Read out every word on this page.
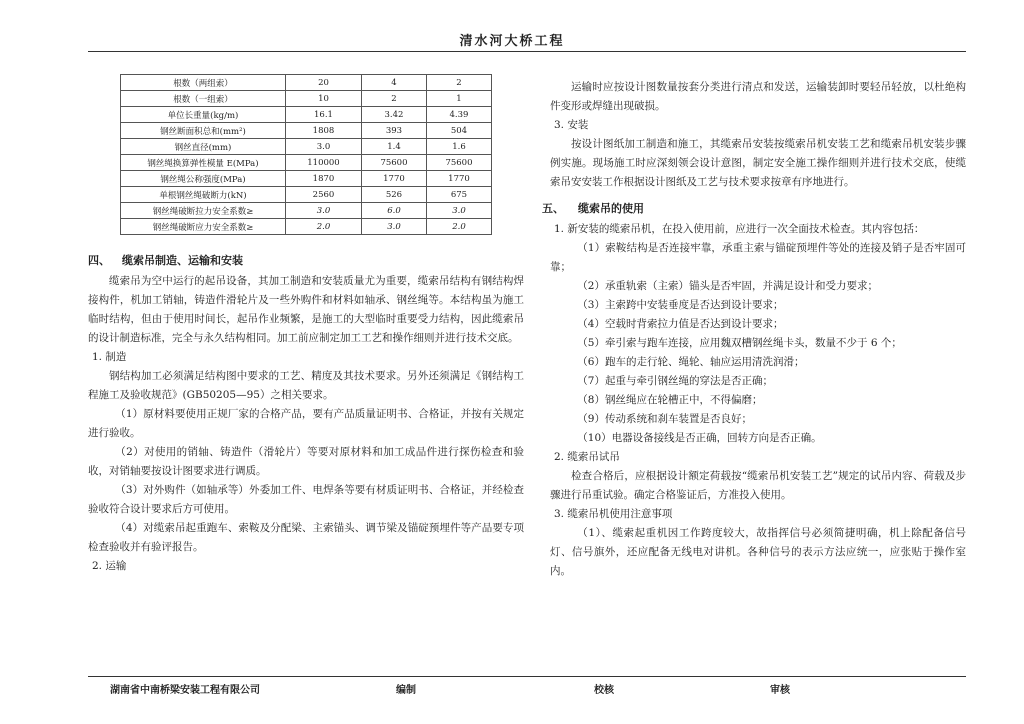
清水河大桥工程
根数（两组索）	20	4	2
根数（一组索）	10	2	1
单位长重量(kg/m)	16.1	3.42	4.39
钢丝断面积总和(mm²)	1808	393	504
钢丝直径(mm)	3.0	1.4	1.6
钢丝绳换算弹性模量 E(MPa)	110000	75600	75600
钢丝绳公称强度(MPa)	1870	1770	1770
单根钢丝绳破断力(kN)	2560	526	675
钢丝绳破断拉力安全系数≥	3.0	6.0	3.0
钢丝绳破断应力安全系数≥	2.0	3.0	2.0

四、 缆索吊制造、运输和安装

缆索吊为空中运行的起吊设备，其加工制造和安装质量尤为重要，缆索吊结构有钢结构焊接构件，机加工销轴，铸造件滑轮片及一些外购件和材料如轴承、钢丝绳等。本结构虽为施工临时结构，但由于使用时间长，起吊作业频繁，是施工的大型临时重要受力结构，因此缆索吊的设计制造标准，完全与永久结构相同。加工前应制定加工工艺和操作细则并进行技术交底。

1. 制造

钢结构加工必须满足结构图中要求的工艺、精度及其技术要求。另外还须满足《钢结构工程施工及验收规范》(GB50205—95）之相关要求。

（1）原材料要使用正规厂家的合格产品，要有产品质量证明书、合格证，并按有关规定进行验收。

（2）对使用的销轴、铸造件（滑轮片）等要对原材料和加工成品件进行探伤检查和验收，对销轴要按设计图要求进行调质。

（3）对外购件（如轴承等）外委加工件、电焊条等要有材质证明书、合格证，并经检查验收符合设计要求后方可使用。

（4）对缆索吊起重跑车、索鞍及分配梁、主索锚头、调节梁及锚碇预埋件等产品要专项检查验收并有验评报告。

2. 运输

运输时应按设计图数量按套分类进行清点和发送，运输装卸时要轻吊轻放，以杜绝构件变形或焊缝出现破损。

3. 安装

按设计图纸加工制造和施工，其缆索吊安装按缆索吊机安装工艺和缆索吊机安装步骤例实施。现场施工时应深刻领会设计意图，制定安全施工操作细则并进行技术交底，使缆索吊安安装工作根据设计图纸及工艺与技术要求按章有序地进行。

五、 缆索吊的使用

1. 新安装的缆索吊机，在投入使用前，应进行一次全面技术检查。其内容包括：

（1）索鞍结构是否连接牢靠，承重主索与锚碇预埋件等处的连接及销子是否牢固可靠；

（2）承重轨索（主索）锚头是否牢固，并满足设计和受力要求；

（3）主索跨中安装垂度是否达到设计要求；

（4）空载时背索拉力值是否达到设计要求；

（5）牵引索与跑车连接，应用魏双槽钢丝绳卡头，数量不少于 6 个；

（6）跑车的走行轮、绳轮、轴应运用清洗润滑；

（7）起重与牵引钢丝绳的穿法是否正确；

（8）钢丝绳应在轮槽正中，不得偏磨；

（9）传动系统和刹车装置是否良好；

（10）电器设备接线是否正确，回转方向是否正确。

2. 缆索吊试吊

检查合格后，应根据设计额定荷载按“缆索吊机安装工艺”规定的试吊内容、荷载及步骤进行吊重试验。确定合格鉴证后，方准投入使用。

3. 缆索吊机使用注意事项

（1）、缆索起重机因工作跨度较大，故指挥信号必须简捷明确，机上除配备信号灯、信号旗外，还应配备无线电对讲机。各种信号的表示方法应统一，应张贴于操作室内。

湖南省中南桥梁安装工程有限公司	编制	校核	审核
